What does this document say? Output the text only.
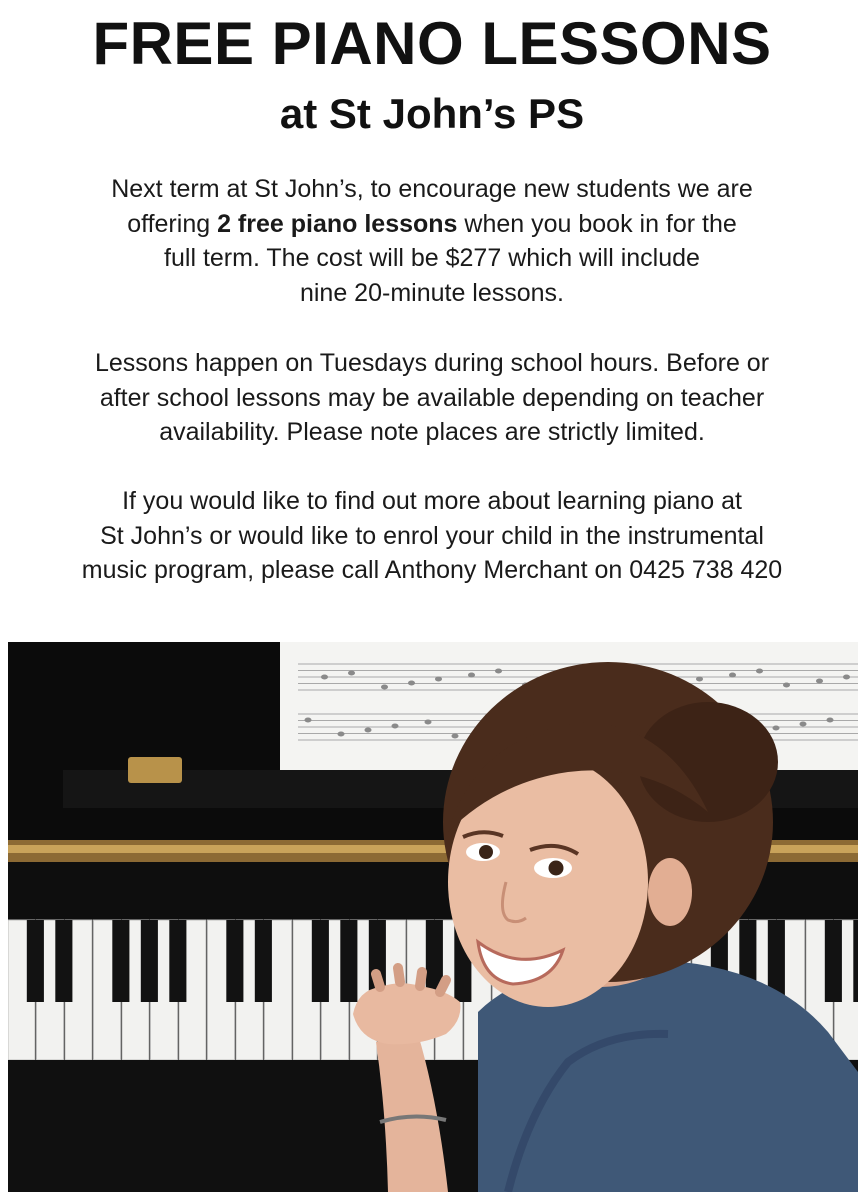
FREE PIANO LESSONS
at St John’s PS
Next term at St John’s, to encourage new students we are
offering 2 free piano lessons when you book in for the
full term. The cost will be $277 which will include
nine 20-minute lessons.
Lessons happen on Tuesdays during school hours. Before or
after school lessons may be available depending on teacher
availability. Please note places are strictly limited.
If you would like to find out more about learning piano at
St John’s or would like to enrol your child in the instrumental
music program, please call Anthony Merchant on 0425 738 420
